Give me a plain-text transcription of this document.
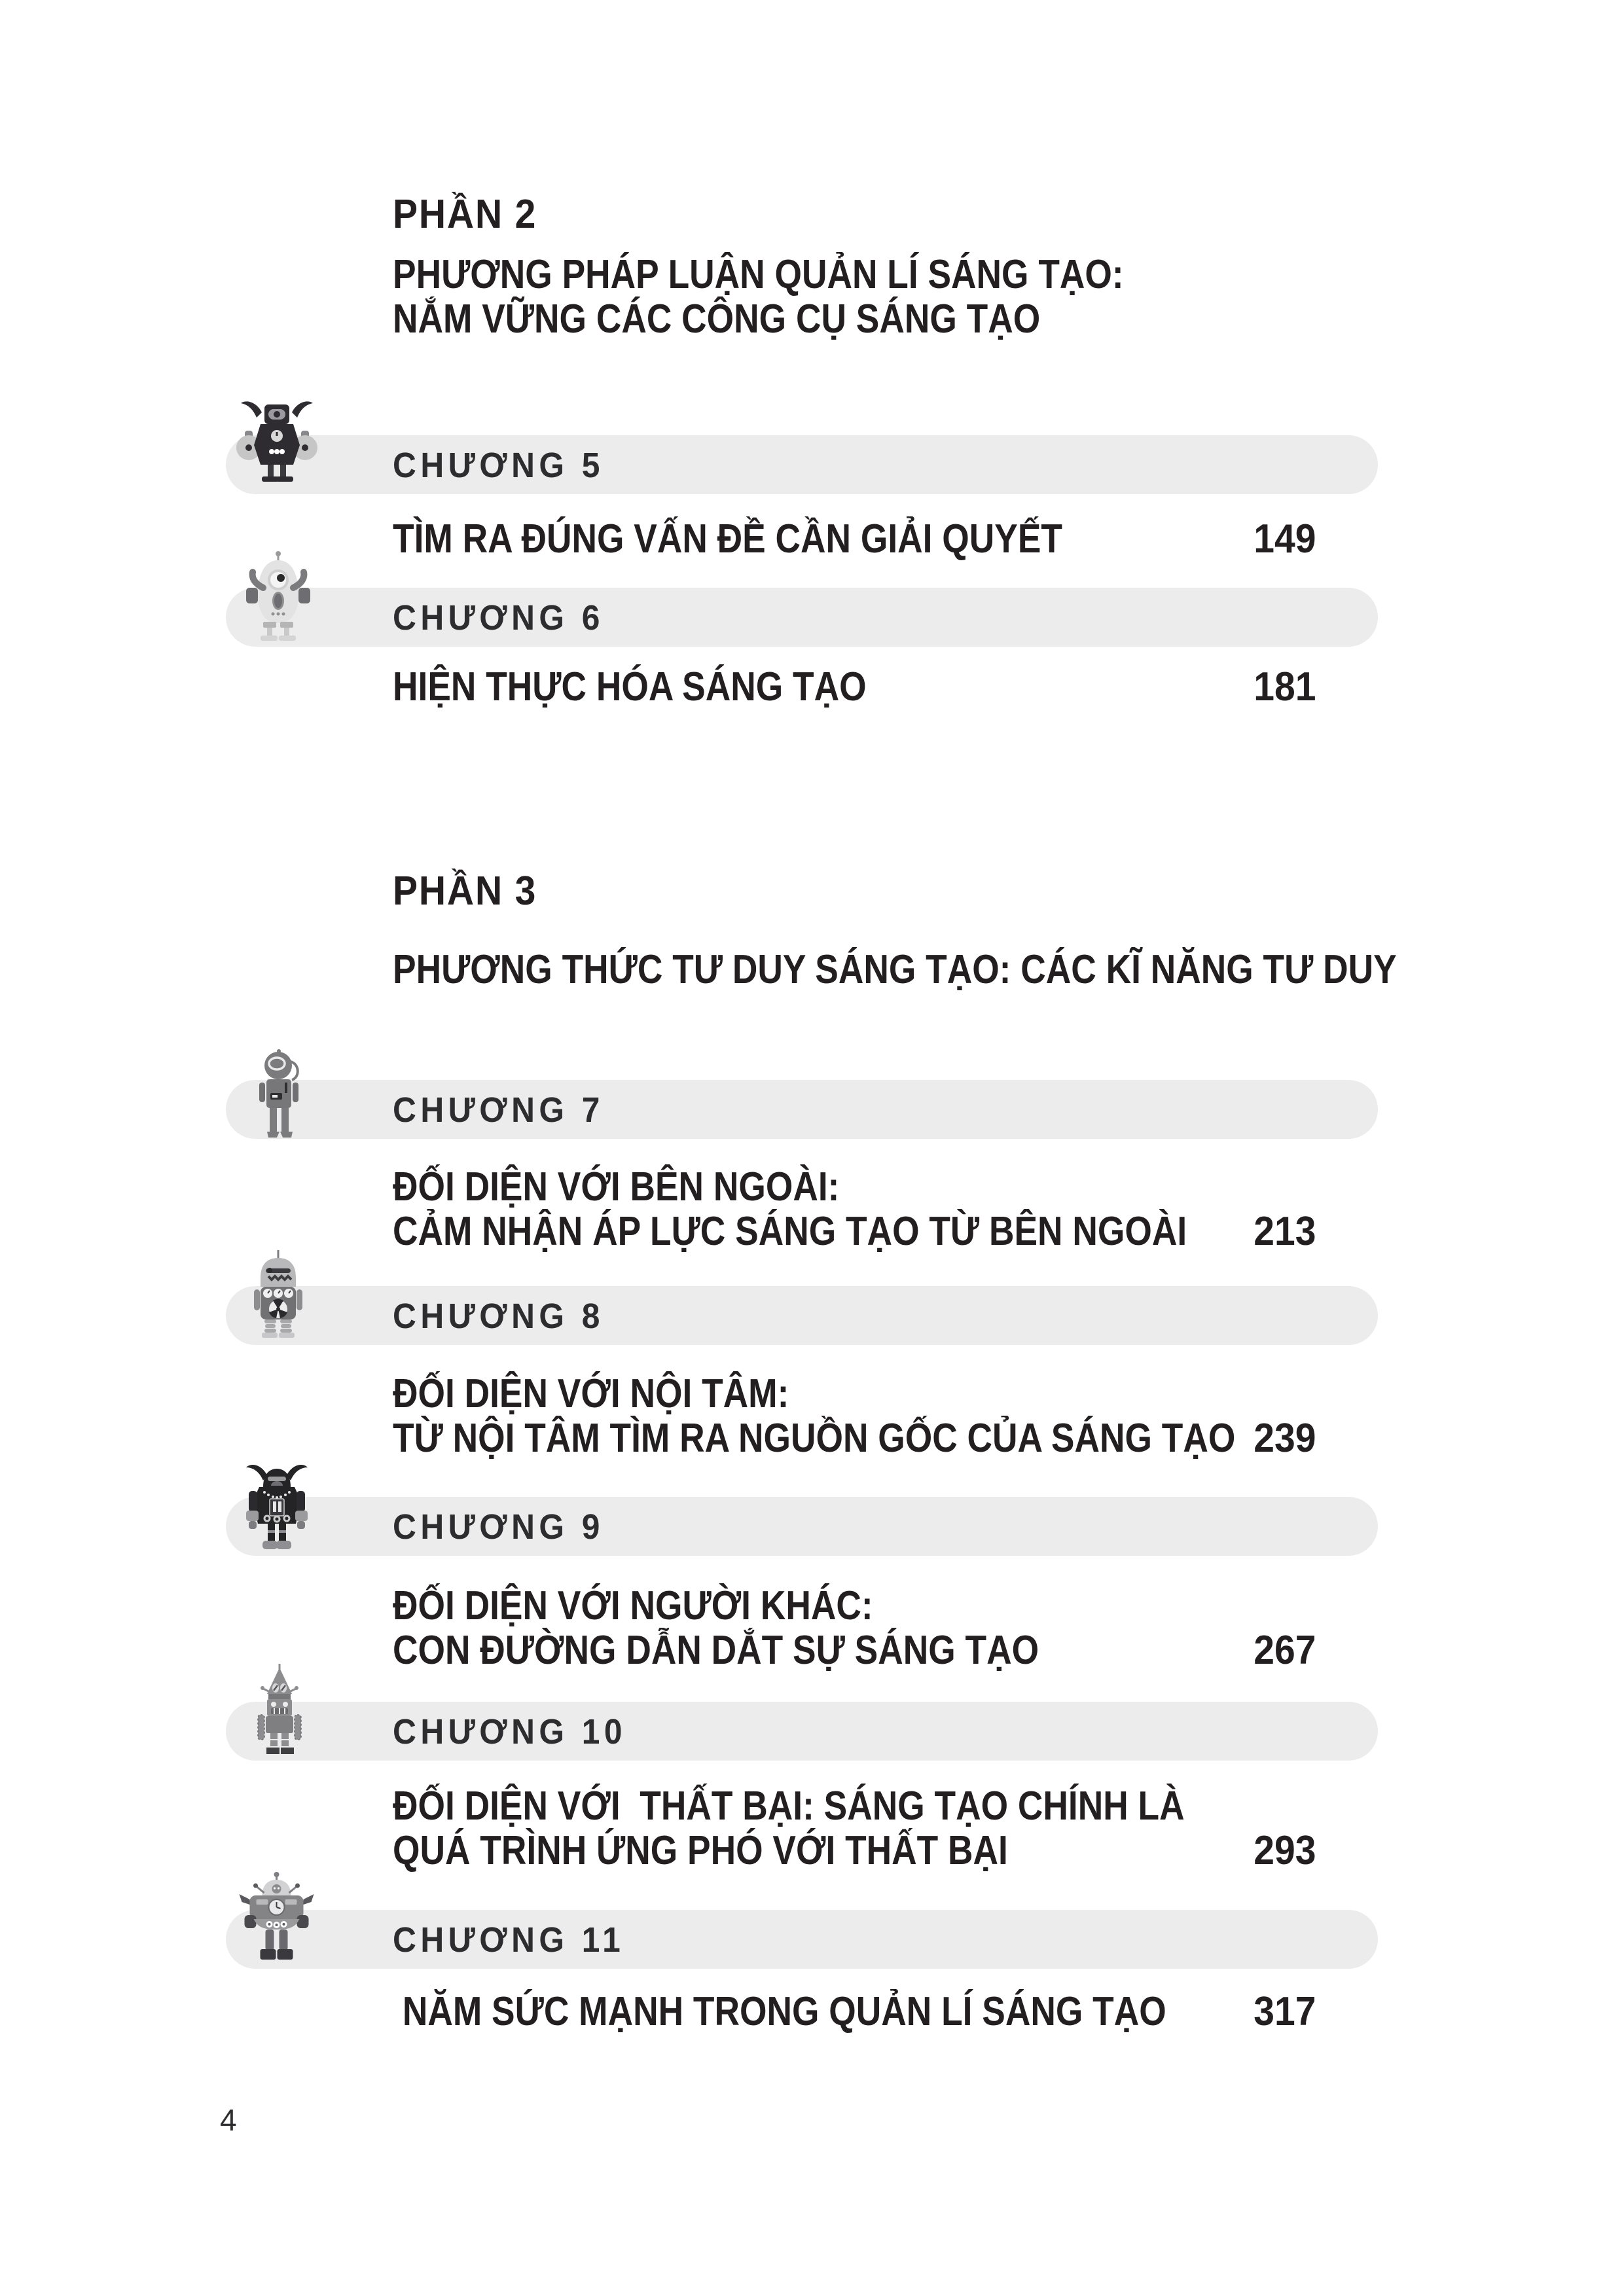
PHẦN 2
PHƯƠNG PHÁP LUẬN QUẢN LÍ SÁNG TẠO:
NẮM VỮNG CÁC CÔNG CỤ SÁNG TẠO
CHƯƠNG 5
TÌM RA ĐÚNG VẤN ĐỀ CẦN GIẢI QUYẾT	149
CHƯƠNG 6
HIỆN THỰC HÓA SÁNG TẠO	181
PHẦN 3
PHƯƠNG THỨC TƯ DUY SÁNG TẠO: CÁC KĨ NĂNG TƯ DUY
CHƯƠNG 7
ĐỐI DIỆN VỚI BÊN NGOÀI:
CẢM NHẬN ÁP LỰC SÁNG TẠO TỪ BÊN NGOÀI 213
CHƯƠNG 8
ĐỐI DIỆN VỚI NỘI TÂM:
TỪ NỘI TÂM TÌM RA NGUỒN GỐC CỦA SÁNG TẠO 239
CHƯƠNG 9
ĐỐI DIỆN VỚI NGƯỜI KHÁC:
CON ĐƯỜNG DẪN DẮT SỰ SÁNG TẠO	267
CHƯƠNG 10
ĐỐI DIỆN VỚI  THẤT BẠI: SÁNG TẠO CHÍNH LÀ
QUÁ TRÌNH ỨNG PHÓ VỚI THẤT BẠI	293
CHƯƠNG 11
NĂM SỨC MẠNH TRONG QUẢN LÍ SÁNG TẠO	317
4
